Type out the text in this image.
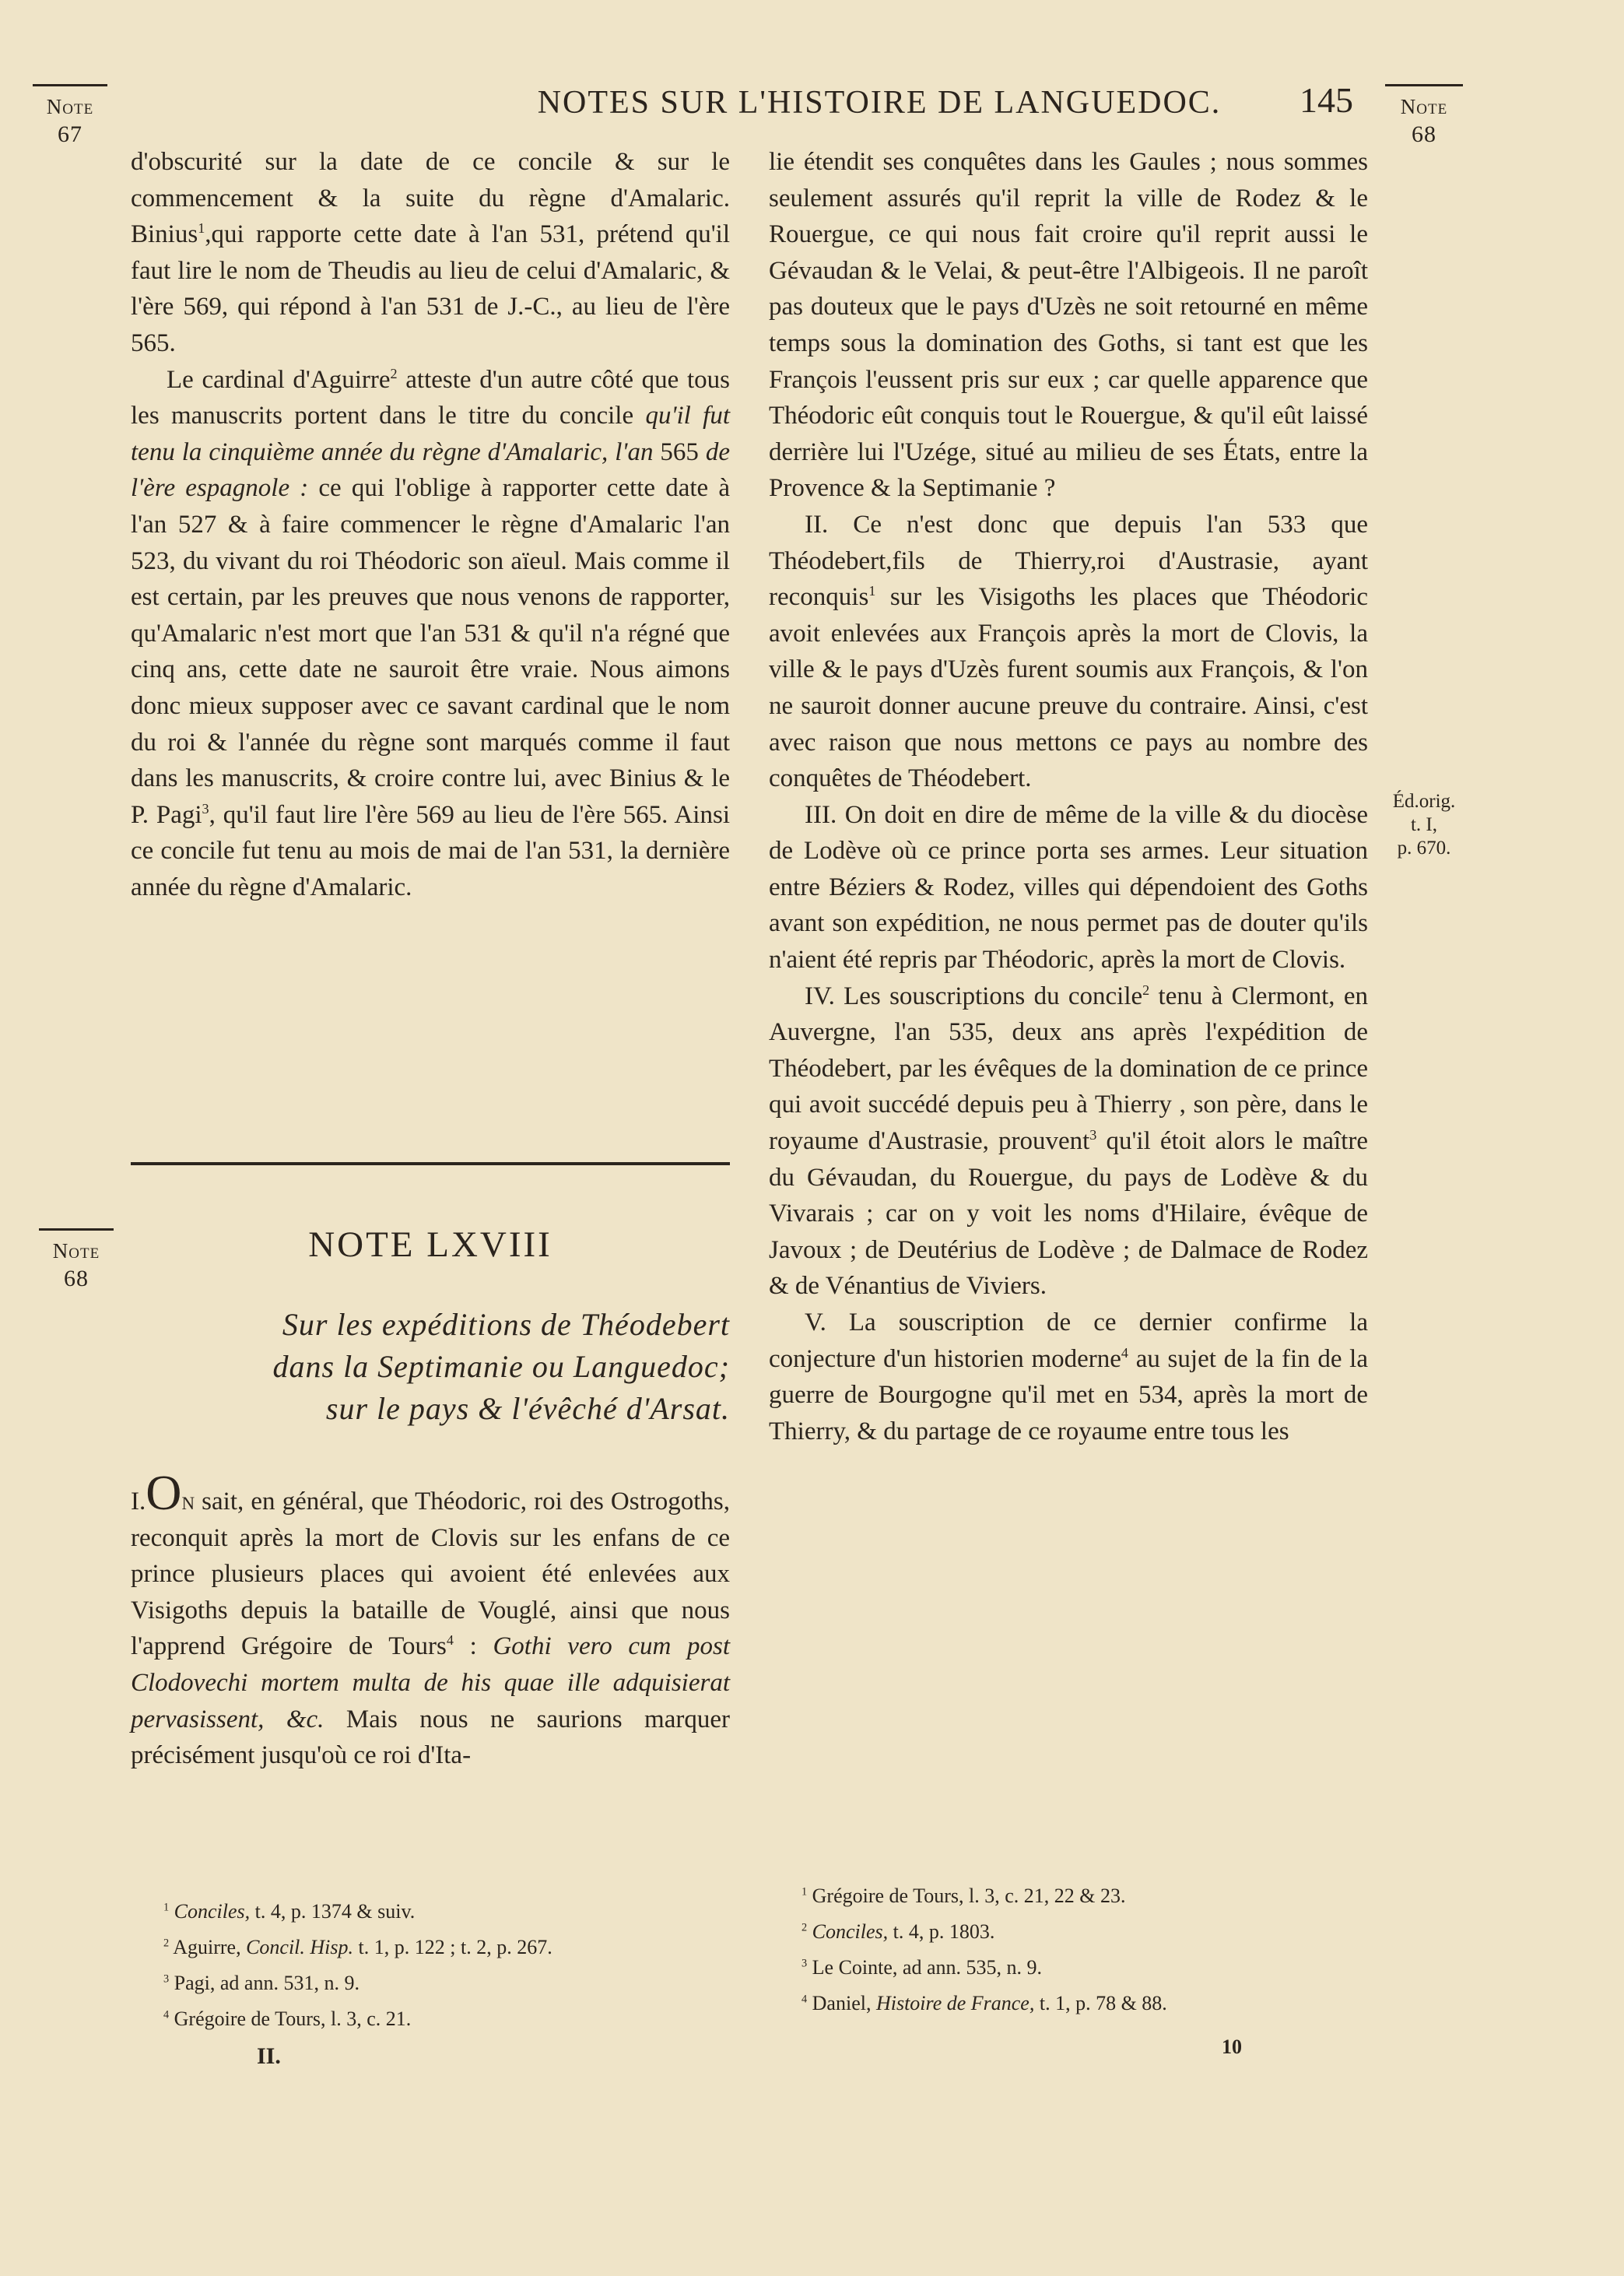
NOTES SUR L'HISTOIRE DE LANGUEDOC.	145
Note
67
Note
68
Note
68
Éd.orig.
t. I,
p. 670.

d'obscurité sur la date de ce concile & sur le commencement & la suite du règne d'Amalaric. Binius$^1$,qui rapporte cette date à l'an 531, prétend qu'il faut lire le nom de Theudis au lieu de celui d'Amalaric, & l'ère 569, qui répond à l'an 531 de J.-C., au lieu de l'ère 565.

Le cardinal d'Aguirre$^2$ atteste d'un autre côté que tous les manuscrits portent dans le titre du concile qu'il fut tenu la cinquième année du règne d'Amalaric, l'an 565 de l'ère espagnole : ce qui l'oblige à rapporter cette date à l'an 527 & à faire commencer le règne d'Amalaric l'an 523, du vivant du roi Théodoric son aïeul. Mais comme il est certain, par les preuves que nous venons de rapporter, qu'Amalaric n'est mort que l'an 531 & qu'il n'a régné que cinq ans, cette date ne sauroit être vraie. Nous aimons donc mieux supposer avec ce savant cardinal que le nom du roi & l'année du règne sont marqués comme il faut dans les manuscrits, & croire contre lui, avec Binius & le P. Pagi$^3$, qu'il faut lire l'ère 569 au lieu de l'ère 565. Ainsi ce concile fut tenu au mois de mai de l'an 531, la dernière année du règne d'Amalaric.

NOTE LXVIII
Sur les expéditions de Théodebert
dans la Septimanie ou Languedoc;
sur le pays & l'évêché d'Arsat.

I.On sait, en général, que Théodoric, roi des Ostrogoths, reconquit après la mort de Clovis sur les enfans de ce prince plusieurs places qui avoient été enlevées aux Visigoths depuis la bataille de Vouglé, ainsi que nous l'apprend Grégoire de Tours$^4$ : Gothi vero cum post Clodovechi mortem multa de his quae ille adquisierat pervasissent, &c. Mais nous ne saurions marquer précisément jusqu'où ce roi d'Ita-

lie étendit ses conquêtes dans les Gaules ; nous sommes seulement assurés qu'il reprit la ville de Rodez & le Rouergue, ce qui nous fait croire qu'il reprit aussi le Gévaudan & le Velai, & peut-être l'Albigeois. Il ne paroît pas douteux que le pays d'Uzès ne soit retourné en même temps sous la domination des Goths, si tant est que les François l'eussent pris sur eux ; car quelle apparence que Théodoric eût conquis tout le Rouergue, & qu'il eût laissé derrière lui l'Uzége, situé au milieu de ses États, entre la Provence & la Septimanie ?

II. Ce n'est donc que depuis l'an 533 que Théodebert,fils de Thierry,roi d'Austrasie, ayant reconquis$^1$ sur les Visigoths les places que Théodoric avoit enlevées aux François après la mort de Clovis, la ville & le pays d'Uzès furent soumis aux François, & l'on ne sauroit donner aucune preuve du contraire. Ainsi, c'est avec raison que nous mettons ce pays au nombre des conquêtes de Théodebert.

III. On doit en dire de même de la ville & du diocèse de Lodève où ce prince porta ses armes. Leur situation entre Béziers & Rodez, villes qui dépendoient des Goths avant son expédition, ne nous permet pas de douter qu'ils n'aient été repris par Théodoric, après la mort de Clovis.

IV. Les souscriptions du concile$^2$ tenu à Clermont, en Auvergne, l'an 535, deux ans après l'expédition de Théodebert, par les évêques de la domination de ce prince qui avoit succédé depuis peu à Thierry , son père, dans le royaume d'Austrasie, prouvent$^3$ qu'il étoit alors le maître du Gévaudan, du Rouergue, du pays de Lodève & du Vivarais ; car on y voit les noms d'Hilaire, évêque de Javoux ; de Deutérius de Lodève ; de Dalmace de Rodez & de Vénantius de Viviers.

V. La souscription de ce dernier confirme la conjecture d'un historien moderne$^4$ au sujet de la fin de la guerre de Bourgogne qu'il met en 534, après la mort de Thierry, & du partage de ce royaume entre tous les

$^1$ Conciles, t. 4, p. 1374 & suiv.
$^2$ Aguirre, Concil. Hisp. t. 1, p. 122 ; t. 2, p. 267.
$^3$ Pagi, ad ann. 531, n. 9.
$^4$ Grégoire de Tours, l. 3, c. 21.
$^1$ Grégoire de Tours, l. 3, c. 21, 22 & 23.
$^2$ Conciles, t. 4, p. 1803.
$^3$ Le Cointe, ad ann. 535, n. 9.
$^4$ Daniel, Histoire de France, t. 1, p. 78 & 88.
II.	10
